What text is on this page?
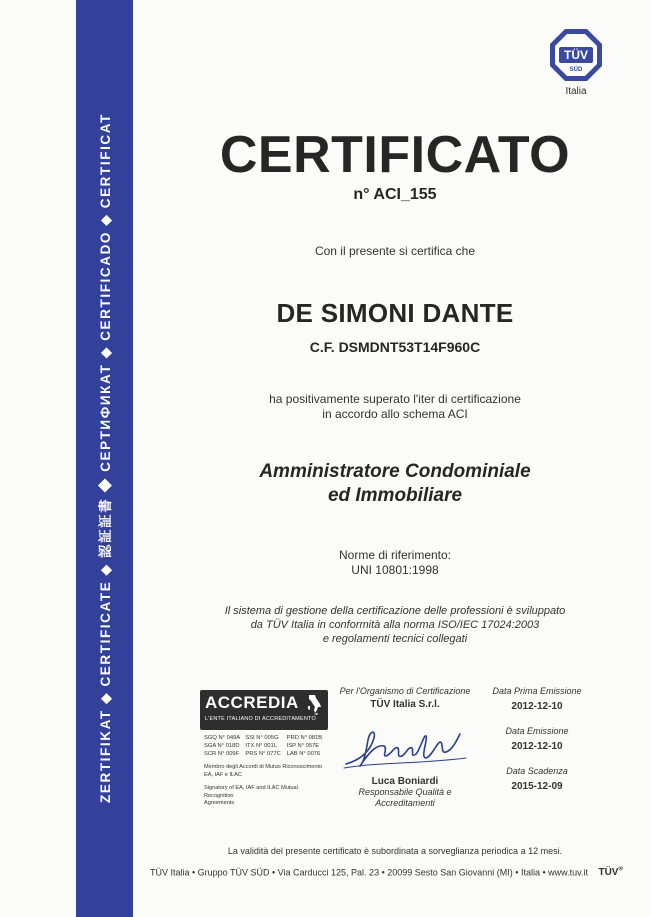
ZERTIFIKAT ◆ CERTIFICATE ◆ 認証証書 ◆ СЕРТИФИКАТ ◆ CERTIFICADO ◆ CERTIFICAT
TÜV
SÜD
Italia
CERTIFICATO
n° ACI_155
Con il presente si certifica che
DE SIMONI DANTE
C.F. DSMDNT53T14F960C
ha positivamente superato l'iter di certificazione
in accordo allo schema ACI
Amministratore Condominiale
ed Immobiliare
Norme di riferimento:
UNI 10801:1998
Il sistema di gestione della certificazione delle professioni è sviluppato
da TÜV Italia in conformità alla norma ISO/IEC 17024:2003
e regolamenti tecnici collegati
ACCREDIA
L'ENTE ITALIANO DI ACCREDITAMENTO
SGQ N° 049A SSI N° 005G	PRD N° 081B
SGA N° 018D	ITX N° 001L	ISP N° 057E
SCR N° 009F	PRS N° 077C	LAB N° 0076
Membro degli Accordi di Mutuo Riconoscimento
EA, IAF e ILAC
Signatory of EA, IAF and ILAC Mutual Recognition
Agreements
Per l'Organismo di Certificazione
TÜV Italia S.r.l.
Luca Boniardi
Responsabile Qualità e
Accreditamenti
Data Prima Emissione
2012-12-10
Data Emissione
2012-12-10
Data Scadenza
2015-12-09
La validità del presente certificato è subordinata a sorveglianza periodica a 12 mesi.
TÜV Italia • Gruppo TÜV SÜD • Via Carducci 125, Pal. 23 • 20099 Sesto San Giovanni (MI) • Italia • www.tuv.it TÜV®
